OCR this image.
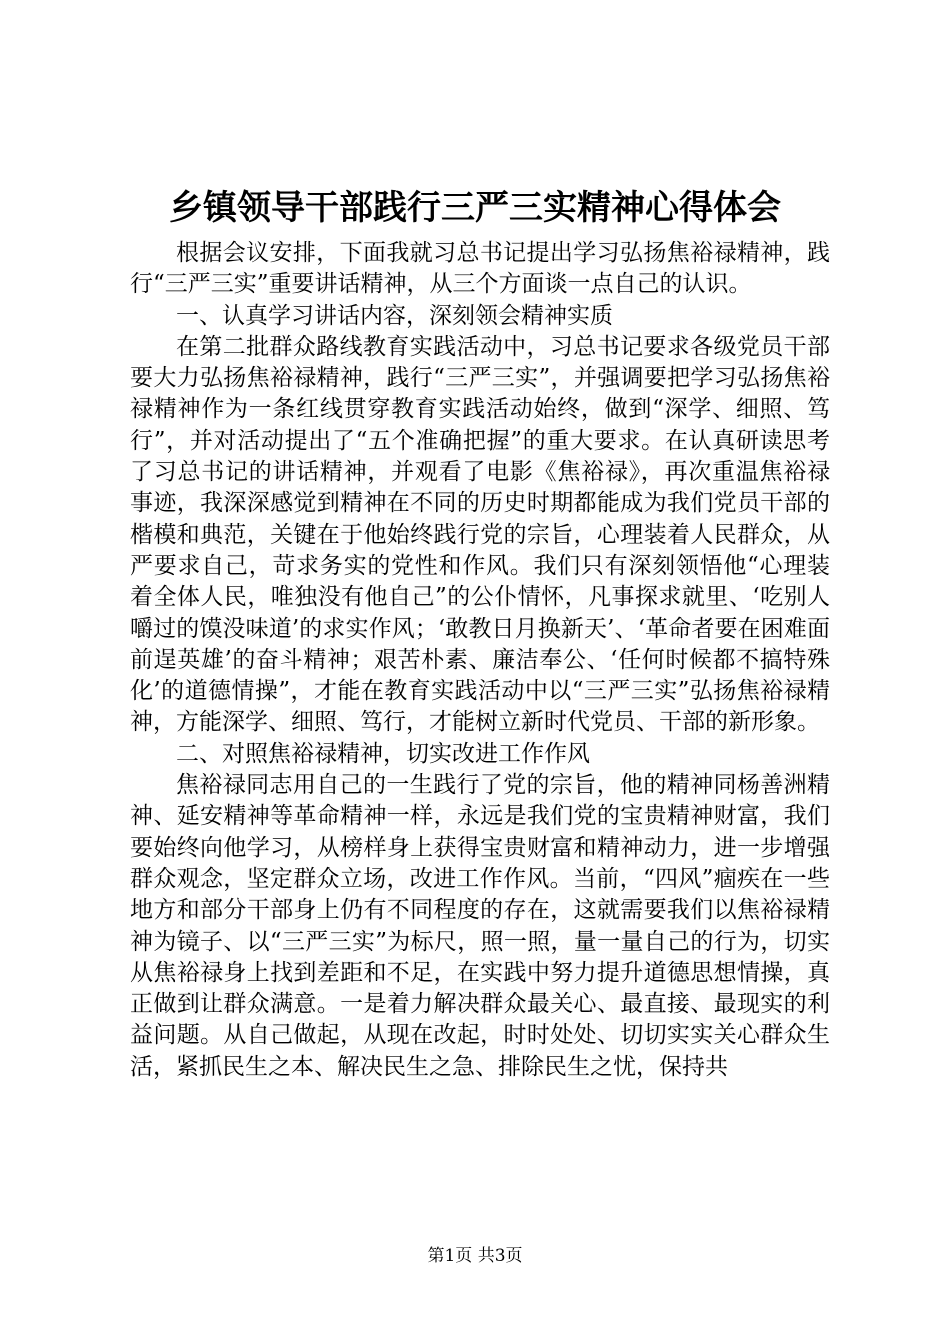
乡镇领导干部践行三严三实精神心得体会

根据会议安排，下面我就习总书记提出学习弘扬焦裕禄精神，践行“三严三实”重要讲话精神，从三个方面谈一点自己的认识。

一、认真学习讲话内容，深刻领会精神实质

在第二批群众路线教育实践活动中，习总书记要求各级党员干部要大力弘扬焦裕禄精神，践行“三严三实”，并强调要把学习弘扬焦裕禄精神作为一条红线贯穿教育实践活动始终，做到“深学、细照、笃行”，并对活动提出了“五个准确把握”的重大要求。在认真研读思考了习总书记的讲话精神，并观看了电影《焦裕禄》，再次重温焦裕禄事迹，我深深感觉到精神在不同的历史时期都能成为我们党员干部的楷模和典范，关键在于他始终践行党的宗旨，心理装着人民群众，从严要求自己，苛求务实的党性和作风。我们只有深刻领悟他“心理装着全体人民，唯独没有他自己”的公仆情怀，凡事探求就里、‘吃别人嚼过的馍没味道’的求实作风；‘敢教日月换新天’、‘革命者要在困难面前逞英雄’的奋斗精神；艰苦朴素、廉洁奉公、‘任何时候都不搞特殊化’的道德情操”，才能在教育实践活动中以“三严三实”弘扬焦裕禄精神，方能深学、细照、笃行，才能树立新时代党员、干部的新形象。

二、对照焦裕禄精神，切实改进工作作风

焦裕禄同志用自己的一生践行了党的宗旨，他的精神同杨善洲精神、延安精神等革命精神一样，永远是我们党的宝贵精神财富，我们要始终向他学习，从榜样身上获得宝贵财富和精神动力，进一步增强群众观念，坚定群众立场，改进工作作风。当前，“四风”痼疾在一些地方和部分干部身上仍有不同程度的存在，这就需要我们以焦裕禄精神为镜子、以“三严三实”为标尺，照一照，量一量自己的行为，切实从焦裕禄身上找到差距和不足，在实践中努力提升道德思想情操，真正做到让群众满意。一是着力解决群众最关心、最直接、最现实的利益问题。从自己做起，从现在改起，时时处处、切切实实关心群众生活，紧抓民生之本、解决民生之急、排除民生之忧，保持共

第1页 共3页
